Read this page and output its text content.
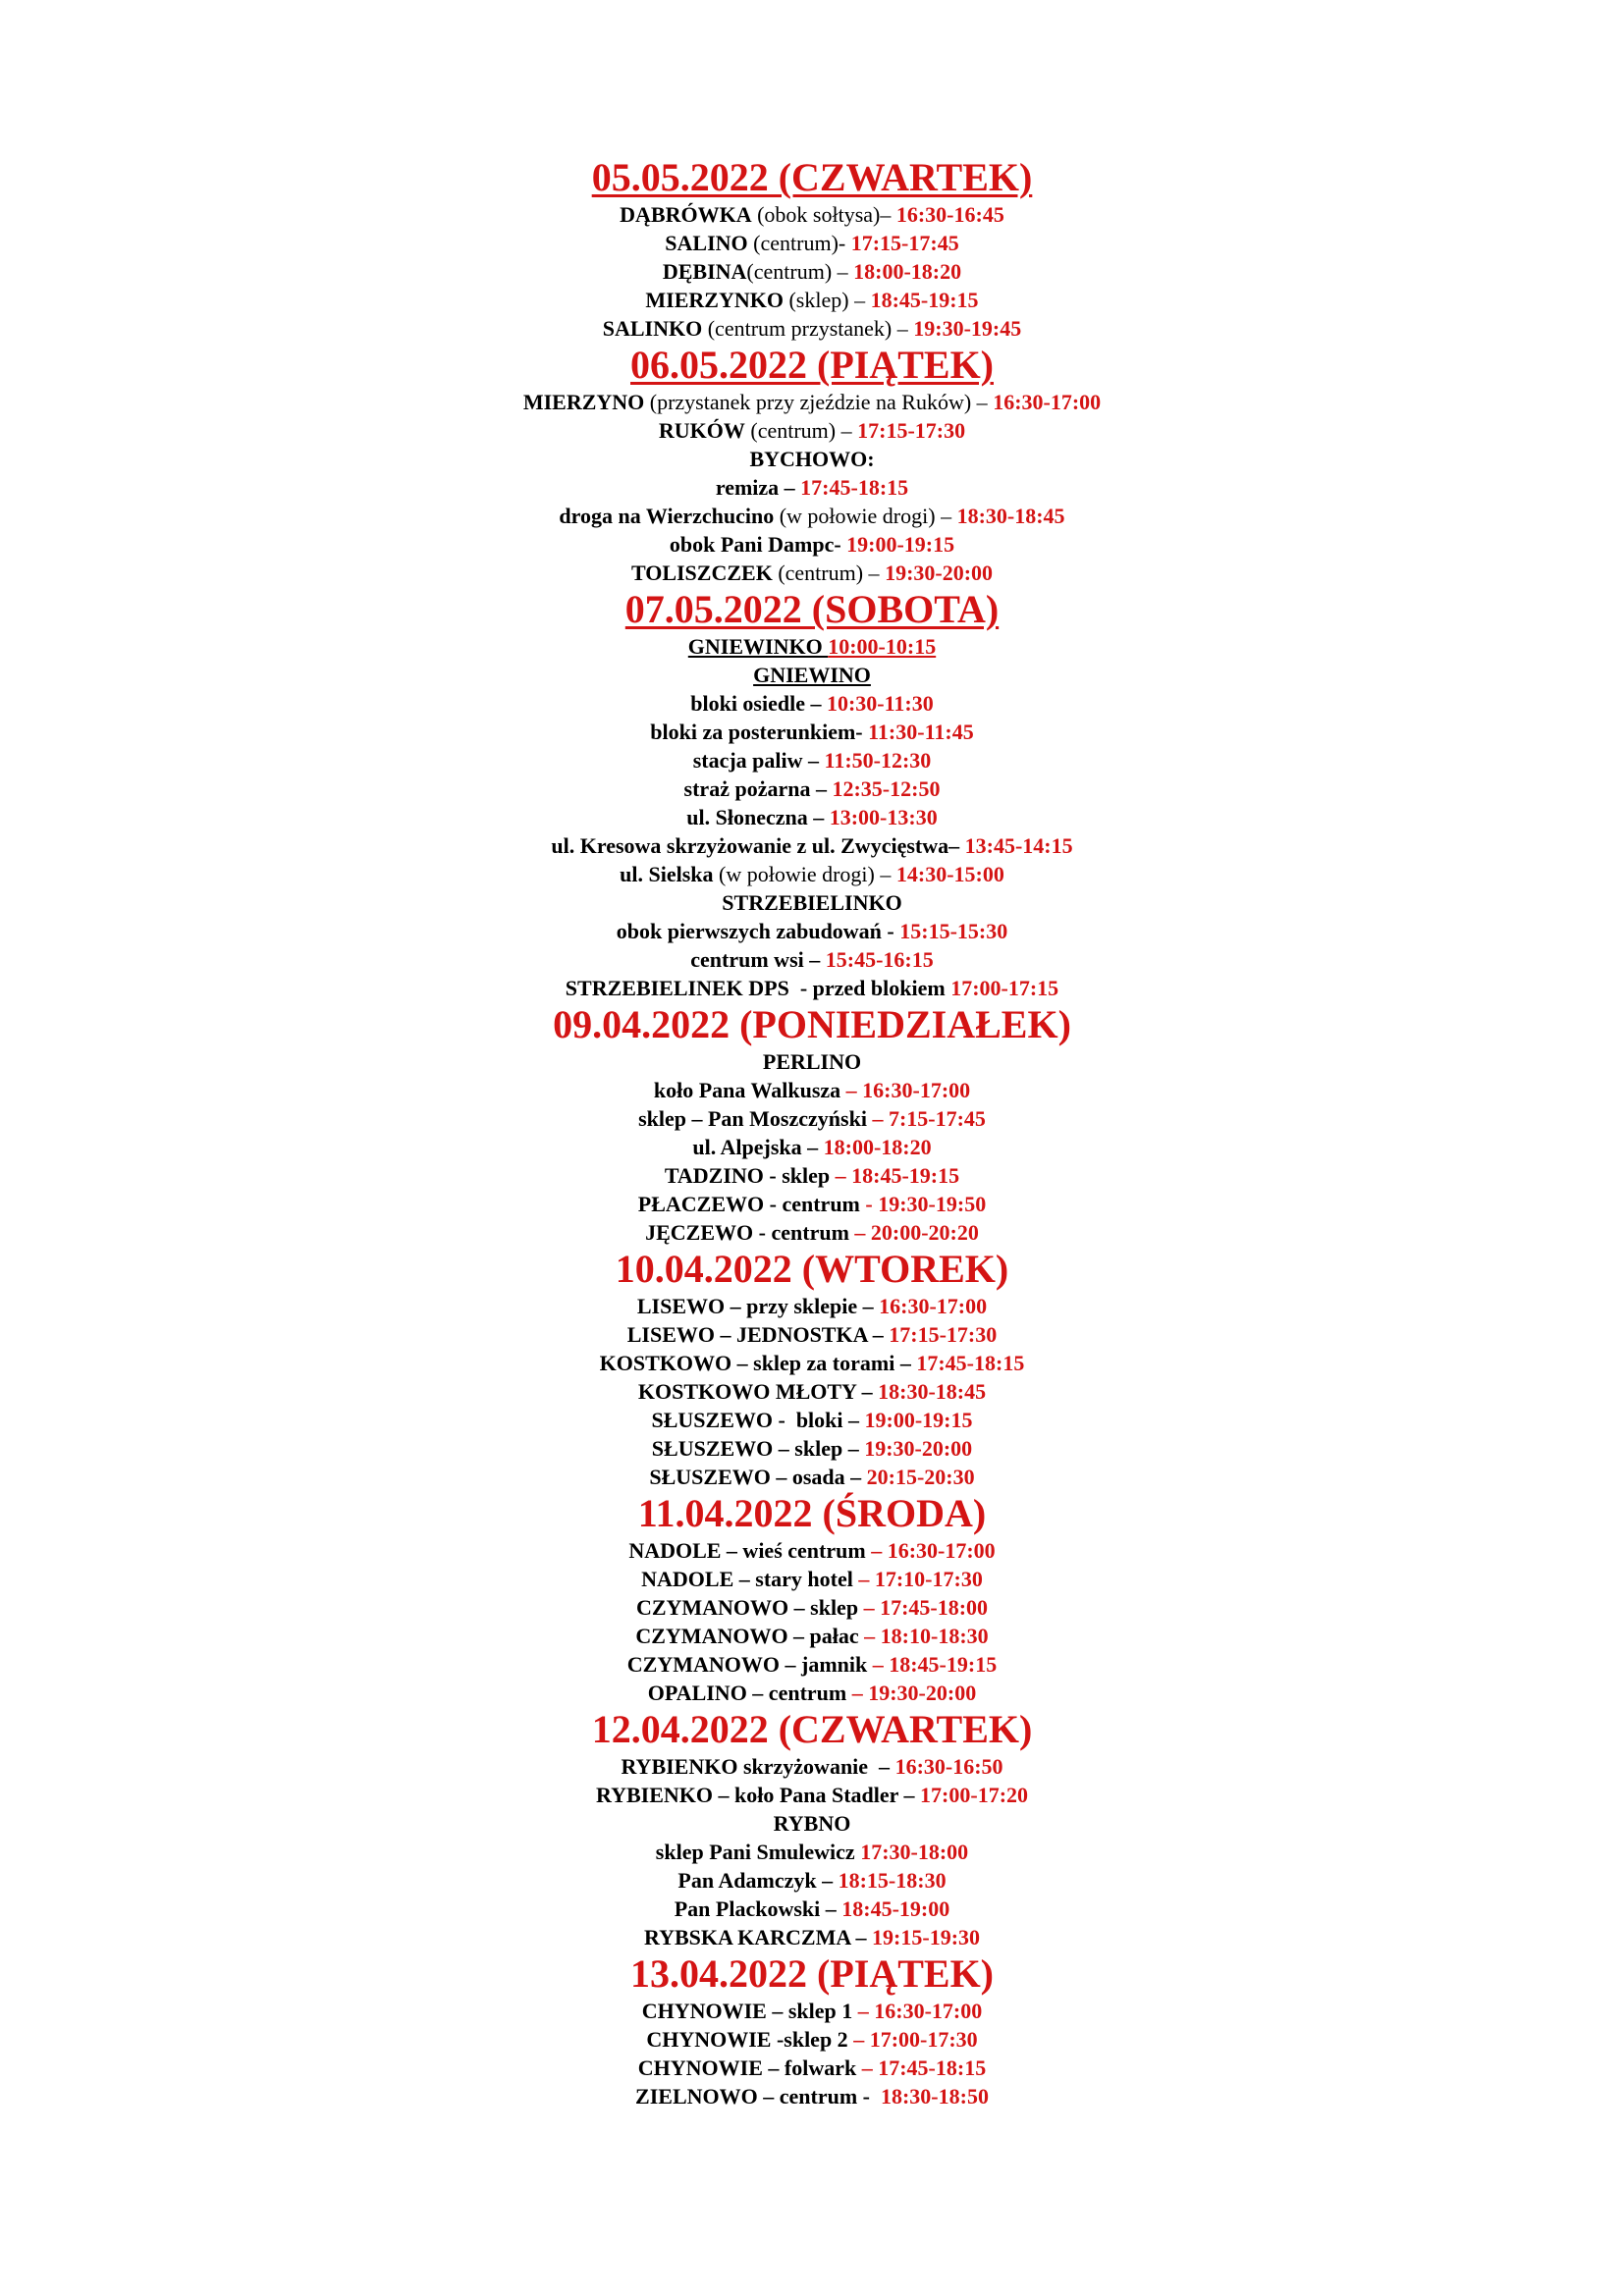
05.05.2022 (CZWARTEK)
DĄBRÓWKA (obok sołtysa)– 16:30-16:45
SALINO (centrum)- 17:15-17:45
DĘBINA(centrum) – 18:00-18:20
MIERZYNKO (sklep) – 18:45-19:15
SALINKO (centrum przystanek) – 19:30-19:45
06.05.2022 (PIĄTEK)
MIERZYNO (przystanek przy zjeździe na Ruków) – 16:30-17:00
RUKÓW (centrum) – 17:15-17:30
BYCHOWO:
remiza – 17:45-18:15
droga na Wierzchucino (w połowie drogi) – 18:30-18:45
obok Pani Dampc- 19:00-19:15
TOLISZCZEK (centrum) – 19:30-20:00
07.05.2022 (SOBOTA)
GNIEWINKO 10:00-10:15
GNIEWINO
bloki osiedle – 10:30-11:30
bloki za posterunkiem- 11:30-11:45
stacja paliw – 11:50-12:30
straż pożarna – 12:35-12:50
ul. Słoneczna – 13:00-13:30
ul. Kresowa skrzyżowanie z ul. Zwycięstwa– 13:45-14:15
ul. Sielska (w połowie drogi) – 14:30-15:00
STRZEBIELINKO
obok pierwszych zabudowań - 15:15-15:30
centrum wsi – 15:45-16:15
STRZEBIELINEK DPS  - przed blokiem 17:00-17:15
09.04.2022 (PONIEDZIAŁEK)
PERLINO
koło Pana Walkusza – 16:30-17:00
sklep – Pan Moszczyński – 7:15-17:45
ul. Alpejska – 18:00-18:20
TADZINO - sklep – 18:45-19:15
PŁACZEWO - centrum - 19:30-19:50
JĘCZEWO - centrum – 20:00-20:20
10.04.2022 (WTOREK)
LISEWO – przy sklepie – 16:30-17:00
LISEWO – JEDNOSTKA – 17:15-17:30
KOSTKOWO – sklep za torami – 17:45-18:15
KOSTKOWO MŁOTY – 18:30-18:45
SŁUSZEWO -  bloki – 19:00-19:15
SŁUSZEWO – sklep – 19:30-20:00
SŁUSZEWO – osada – 20:15-20:30
11.04.2022 (ŚRODA)
NADOLE – wieś centrum – 16:30-17:00
NADOLE – stary hotel – 17:10-17:30
CZYMANOWO – sklep – 17:45-18:00
CZYMANOWO – pałac – 18:10-18:30
CZYMANOWO – jamnik – 18:45-19:15
OPALINO – centrum – 19:30-20:00
12.04.2022 (CZWARTEK)
RYBIENKO skrzyżowanie  – 16:30-16:50
RYBIENKO – koło Pana Stadler – 17:00-17:20
RYBNO
sklep Pani Smulewicz 17:30-18:00
Pan Adamczyk – 18:15-18:30
Pan Plackowski – 18:45-19:00
RYBSKA KARCZMA – 19:15-19:30
13.04.2022 (PIĄTEK)
CHYNOWIE – sklep 1 – 16:30-17:00
CHYNOWIE -sklep 2 – 17:00-17:30
CHYNOWIE – folwark – 17:45-18:15
ZIELNOWO – centrum -  18:30-18:50
